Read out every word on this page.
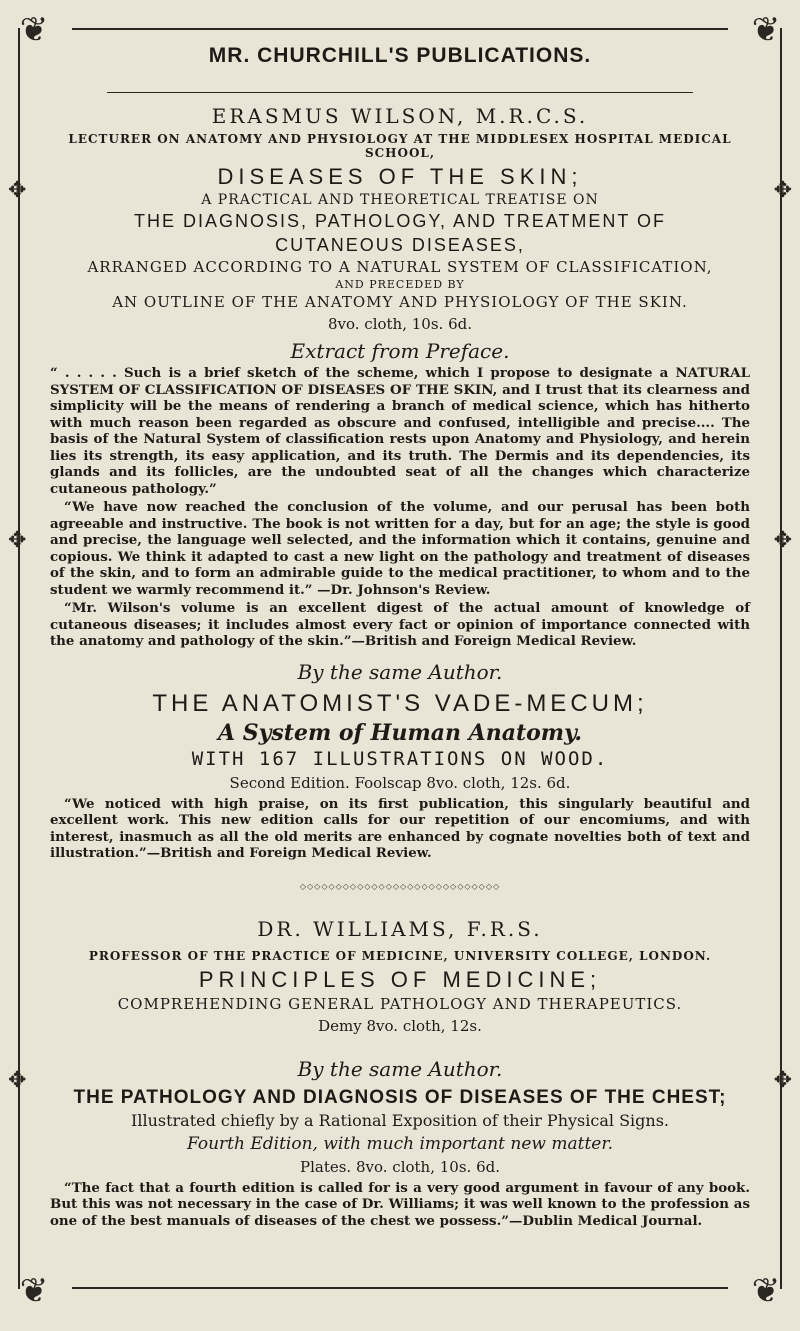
❦	❦
❦	❦
✥
✥
✥
✥
✥
✥
MR. CHURCHILL'S PUBLICATIONS.
ERASMUS WILSON, M.R.C.S.
LECTURER ON ANATOMY AND PHYSIOLOGY AT THE MIDDLESEX HOSPITAL MEDICAL SCHOOL,
DISEASES OF THE SKIN;
A PRACTICAL AND THEORETICAL TREATISE ON
THE DIAGNOSIS, PATHOLOGY, AND TREATMENT OF
CUTANEOUS DISEASES,
ARRANGED ACCORDING TO A NATURAL SYSTEM OF CLASSIFICATION,
AND PRECEDED BY
AN OUTLINE OF THE ANATOMY AND PHYSIOLOGY OF THE SKIN.
8vo. cloth, 10s. 6d.
Extract from Preface.

“ . . . . . Such is a brief sketch of the scheme, which I propose to designate a NATURAL SYSTEM OF CLASSIFICATION OF DISEASES OF THE SKIN, and I trust that its clearness and simplicity will be the means of rendering a branch of medical science, which has hitherto with much reason been regarded as obscure and confused, intelligible and precise.... The basis of the Natural System of classification rests upon Anatomy and Physiology, and herein lies its strength, its easy application, and its truth. The Dermis and its dependencies, its glands and its follicles, are the undoubted seat of all the changes which characterize cutaneous pathology.”

“We have now reached the conclusion of the volume, and our perusal has been both agreeable and instructive. The book is not written for a day, but for an age; the style is good and precise, the language well selected, and the information which it contains, genuine and copious. We think it adapted to cast a new light on the pathology and treatment of diseases of the skin, and to form an admirable guide to the medical practitioner, to whom and to the student we warmly recommend it.” —Dr. Johnson's Review.

“Mr. Wilson's volume is an excellent digest of the actual amount of knowledge of cutaneous diseases; it includes almost every fact or opinion of importance connected with the anatomy and pathology of the skin.”—British and Foreign Medical Review.

By the same Author.
THE ANATOMIST'S VADE-MECUM;
A System of Human Anatomy.
WITH 167 ILLUSTRATIONS ON WOOD.
Second Edition. Foolscap 8vo. cloth, 12s. 6d.

“We noticed with high praise, on its first publication, this singularly beautiful and excellent work. This new edition calls for our repetition of our encomiums, and with interest, inasmuch as all the old merits are enhanced by cognate novelties both of text and illustration.”—British and Foreign Medical Review.

◇◇◇◇◇◇◇◇◇◇◇◇◇◇◇◇◇◇◇◇◇◇◇◇◇◇◇◇
DR. WILLIAMS, F.R.S.
PROFESSOR OF THE PRACTICE OF MEDICINE, UNIVERSITY COLLEGE, LONDON.
PRINCIPLES OF MEDICINE;
COMPREHENDING GENERAL PATHOLOGY AND THERAPEUTICS.
Demy 8vo. cloth, 12s.
By the same Author.
THE PATHOLOGY AND DIAGNOSIS OF DISEASES OF THE CHEST;
Illustrated chiefly by a Rational Exposition of their Physical Signs.
Fourth Edition, with much important new matter.
Plates. 8vo. cloth, 10s. 6d.

“The fact that a fourth edition is called for is a very good argument in favour of any book. But this was not necessary in the case of Dr. Williams; it was well known to the profession as one of the best manuals of diseases of the chest we possess.”—Dublin Medical Journal.
